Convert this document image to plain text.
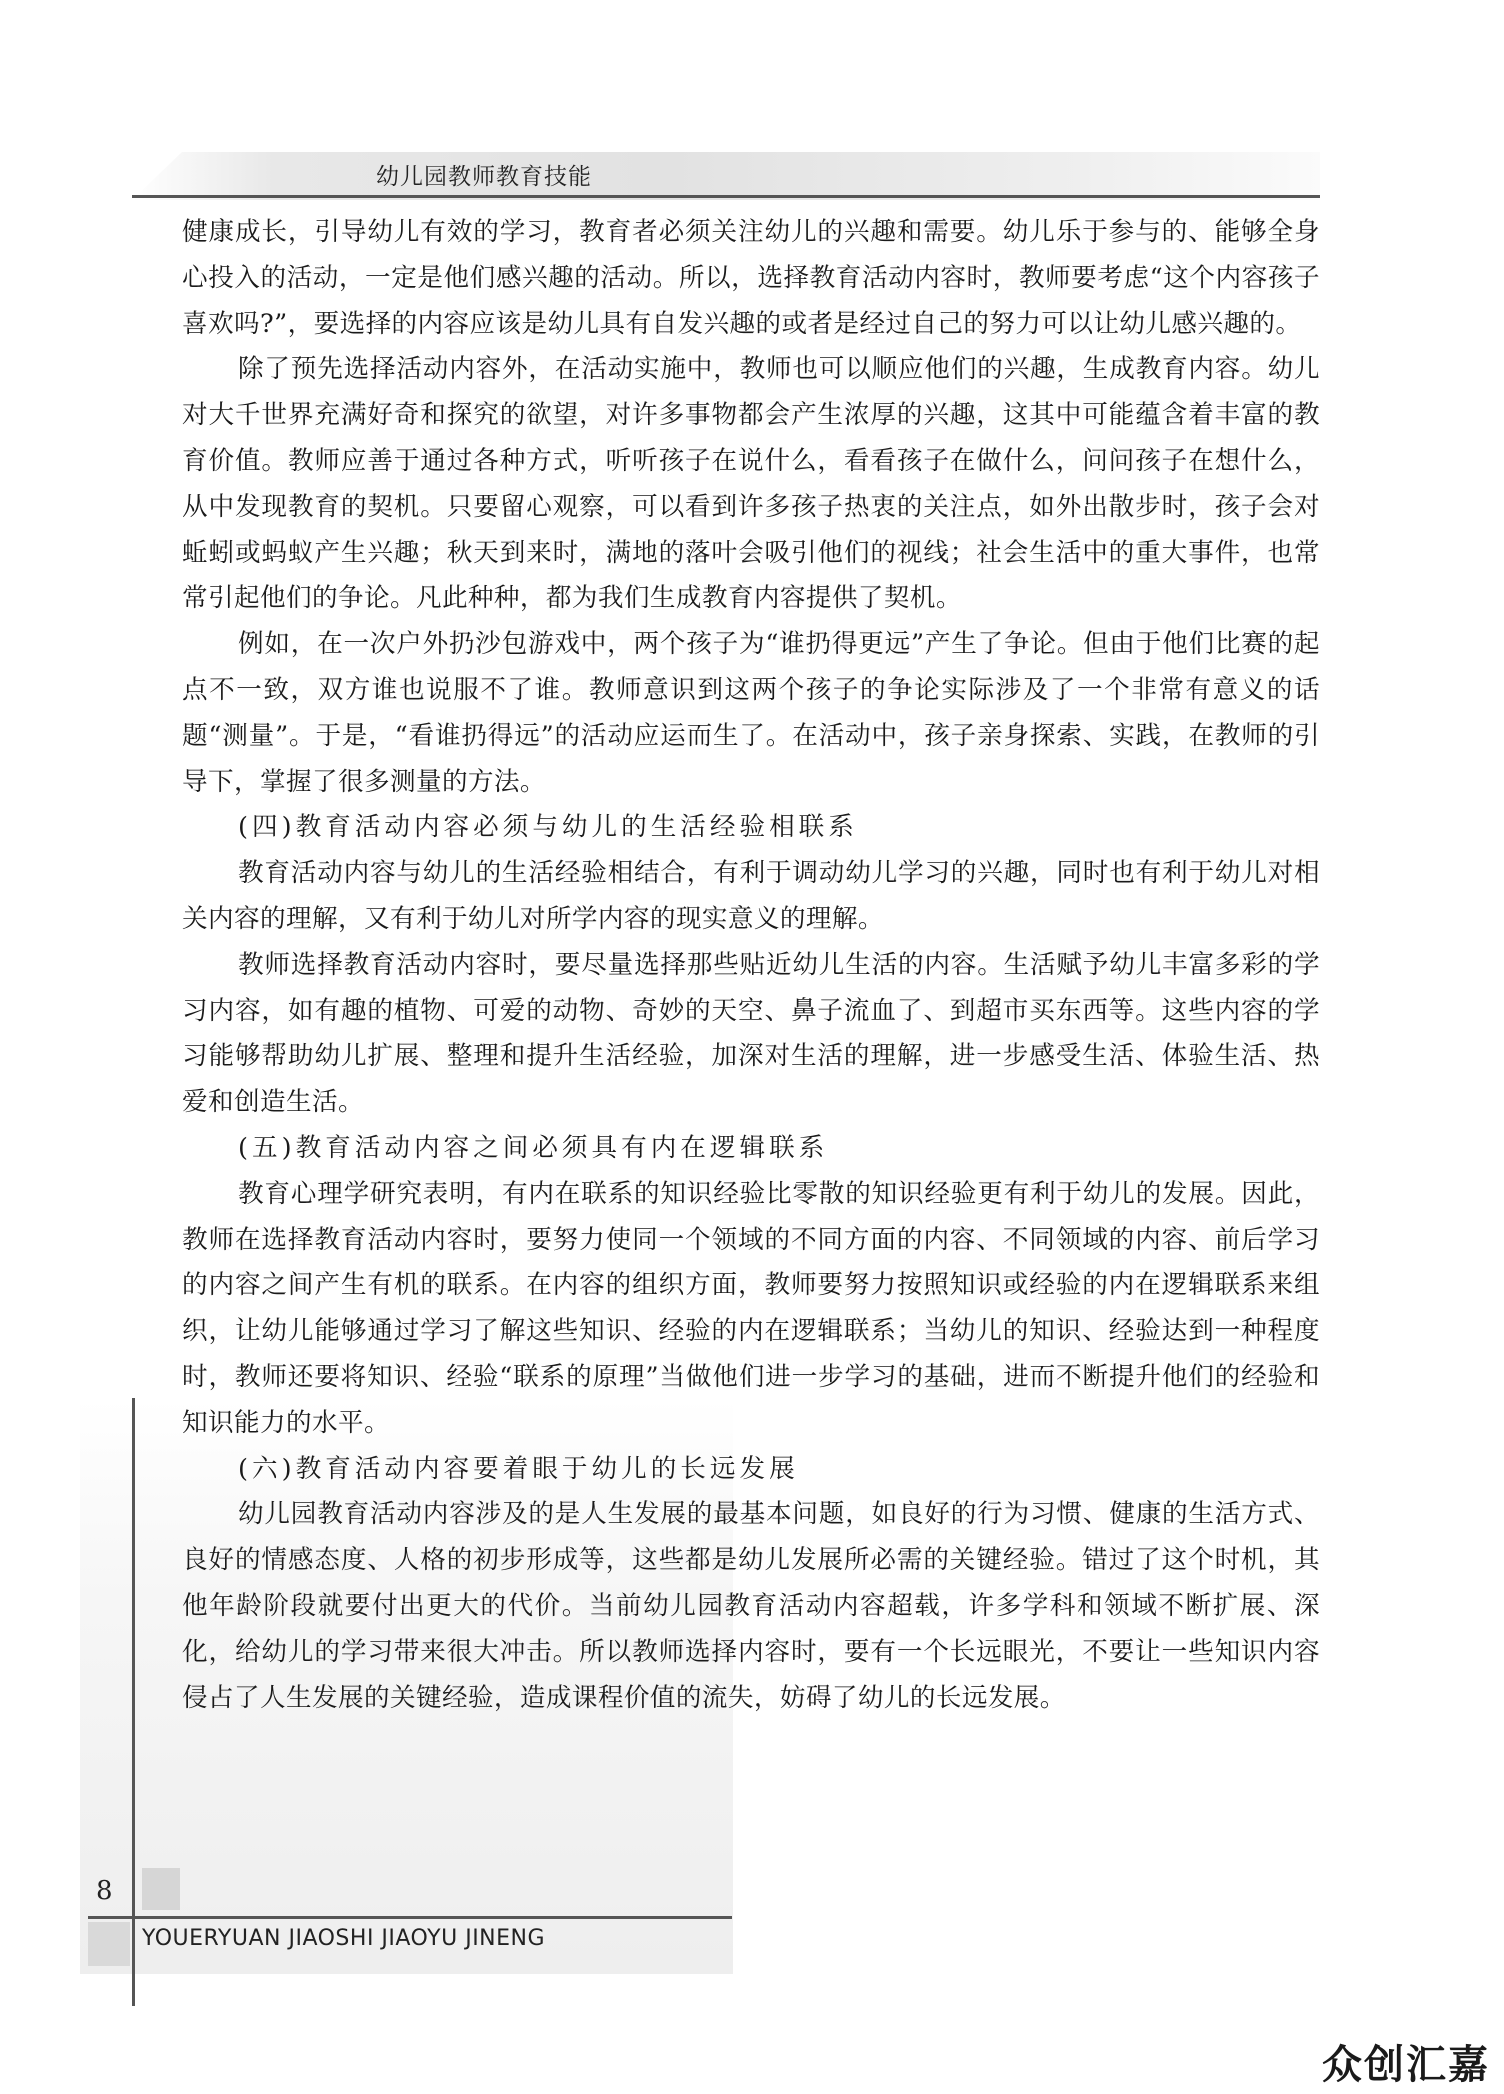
幼儿园教师教育技能

健康成长，引导幼儿有效的学习，教育者必须关注幼儿的兴趣和需要。幼儿乐于参与的、能够全身心投入的活动，一定是他们感兴趣的活动。所以，选择教育活动内容时，教师要考虑“这个内容孩子喜欢吗?”，要选择的内容应该是幼儿具有自发兴趣的或者是经过自己的努力可以让幼儿感兴趣的。

除了预先选择活动内容外，在活动实施中，教师也可以顺应他们的兴趣，生成教育内容。幼儿对大千世界充满好奇和探究的欲望，对许多事物都会产生浓厚的兴趣，这其中可能蕴含着丰富的教育价值。教师应善于通过各种方式，听听孩子在说什么，看看孩子在做什么，问问孩子在想什么，从中发现教育的契机。只要留心观察，可以看到许多孩子热衷的关注点，如外出散步时，孩子会对蚯蚓或蚂蚁产生兴趣；秋天到来时，满地的落叶会吸引他们的视线；社会生活中的重大事件，也常常引起他们的争论。凡此种种，都为我们生成教育内容提供了契机。

例如，在一次户外扔沙包游戏中，两个孩子为“谁扔得更远”产生了争论。但由于他们比赛的起点不一致，双方谁也说服不了谁。教师意识到这两个孩子的争论实际涉及了一个非常有意义的话题“测量”。于是，“看谁扔得远”的活动应运而生了。在活动中，孩子亲身探索、实践，在教师的引导下，掌握了很多测量的方法。

(四)教育活动内容必须与幼儿的生活经验相联系

教育活动内容与幼儿的生活经验相结合，有利于调动幼儿学习的兴趣，同时也有利于幼儿对相关内容的理解，又有利于幼儿对所学内容的现实意义的理解。

教师选择教育活动内容时，要尽量选择那些贴近幼儿生活的内容。生活赋予幼儿丰富多彩的学习内容，如有趣的植物、可爱的动物、奇妙的天空、鼻子流血了、到超市买东西等。这些内容的学习能够帮助幼儿扩展、整理和提升生活经验，加深对生活的理解，进一步感受生活、体验生活、热爱和创造生活。

(五)教育活动内容之间必须具有内在逻辑联系

教育心理学研究表明，有内在联系的知识经验比零散的知识经验更有利于幼儿的发展。因此，教师在选择教育活动内容时，要努力使同一个领域的不同方面的内容、不同领域的内容、前后学习的内容之间产生有机的联系。在内容的组织方面，教师要努力按照知识或经验的内在逻辑联系来组织，让幼儿能够通过学习了解这些知识、经验的内在逻辑联系；当幼儿的知识、经验达到一种程度时，教师还要将知识、经验“联系的原理”当做他们进一步学习的基础，进而不断提升他们的经验和知识能力的水平。

(六)教育活动内容要着眼于幼儿的长远发展

幼儿园教育活动内容涉及的是人生发展的最基本问题，如良好的行为习惯、健康的生活方式、良好的情感态度、人格的初步形成等，这些都是幼儿发展所必需的关键经验。错过了这个时机，其他年龄阶段就要付出更大的代价。当前幼儿园教育活动内容超载，许多学科和领域不断扩展、深化，给幼儿的学习带来很大冲击。所以教师选择内容时，要有一个长远眼光，不要让一些知识内容侵占了人生发展的关键经验，造成课程价值的流失，妨碍了幼儿的长远发展。

8
YOUERYUAN JIAOSHI JIAOYU JINENG
众创汇嘉
